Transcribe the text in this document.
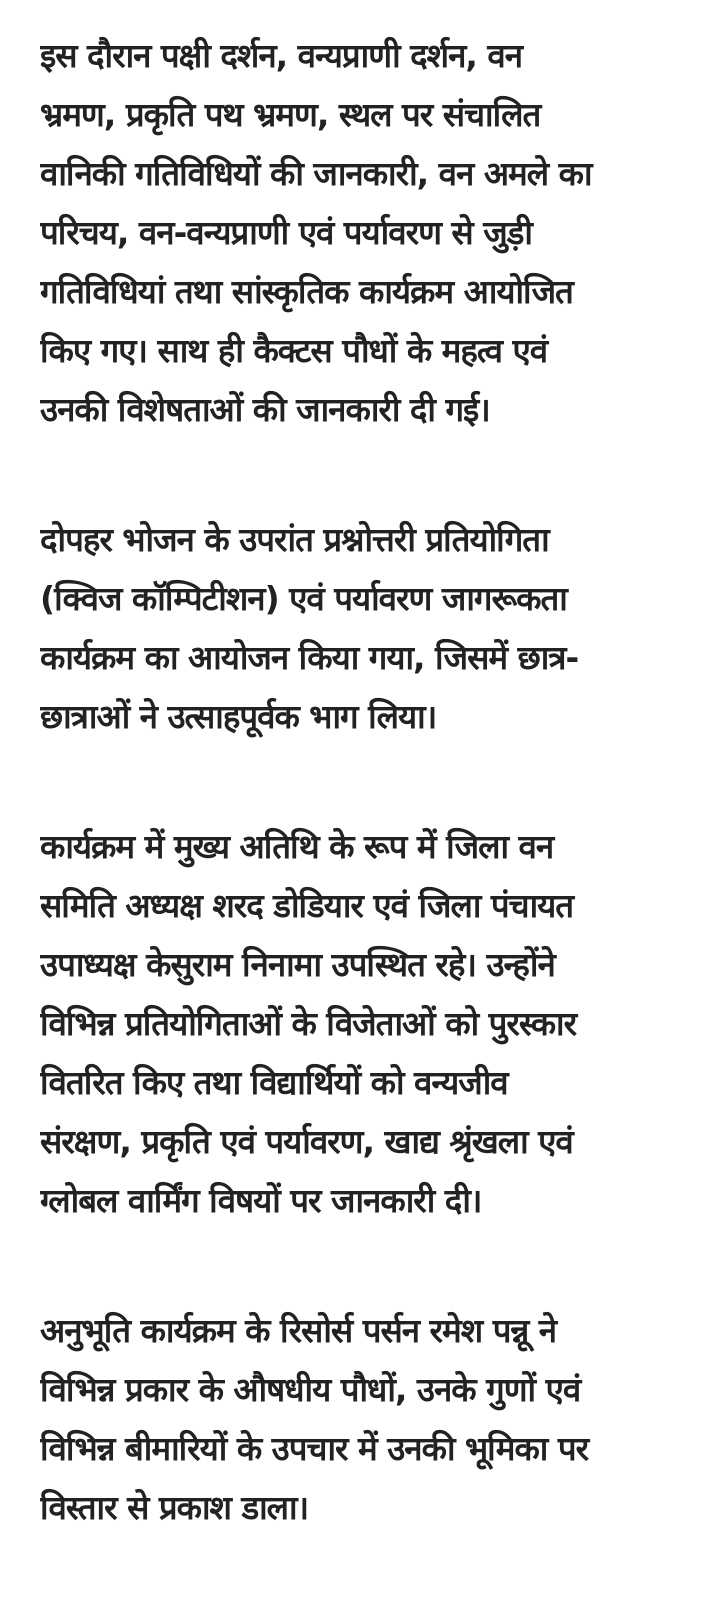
इस दौरान पक्षी दर्शन, वन्यप्राणी दर्शन, वन
भ्रमण, प्रकृति पथ भ्रमण, स्थल पर संचालित
वानिकी गतिविधियों की जानकारी, वन अमले का
परिचय, वन-वन्यप्राणी एवं पर्यावरण से जुड़ी
गतिविधियां तथा सांस्कृतिक कार्यक्रम आयोजित
किए गए। साथ ही कैक्टस पौधों के महत्व एवं
उनकी विशेषताओं की जानकारी दी गई।

दोपहर भोजन के उपरांत प्रश्नोत्तरी प्रतियोगिता
(क्विज कॉम्पिटीशन) एवं पर्यावरण जागरूकता
कार्यक्रम का आयोजन किया गया, जिसमें छात्र-
छात्राओं ने उत्साहपूर्वक भाग लिया।

कार्यक्रम में मुख्य अतिथि के रूप में जिला वन
समिति अध्यक्ष शरद डोडियार एवं जिला पंचायत
उपाध्यक्ष केसुराम निनामा उपस्थित रहे। उन्होंने
विभिन्न प्रतियोगिताओं के विजेताओं को पुरस्कार
वितरित किए तथा विद्यार्थियों को वन्यजीव
संरक्षण, प्रकृति एवं पर्यावरण, खाद्य श्रृंखला एवं
ग्लोबल वार्मिंग विषयों पर जानकारी दी।

अनुभूति कार्यक्रम के रिसोर्स पर्सन रमेश पन्नू ने
विभिन्न प्रकार के औषधीय पौधों, उनके गुणों एवं
विभिन्न बीमारियों के उपचार में उनकी भूमिका पर
विस्तार से प्रकाश डाला।
